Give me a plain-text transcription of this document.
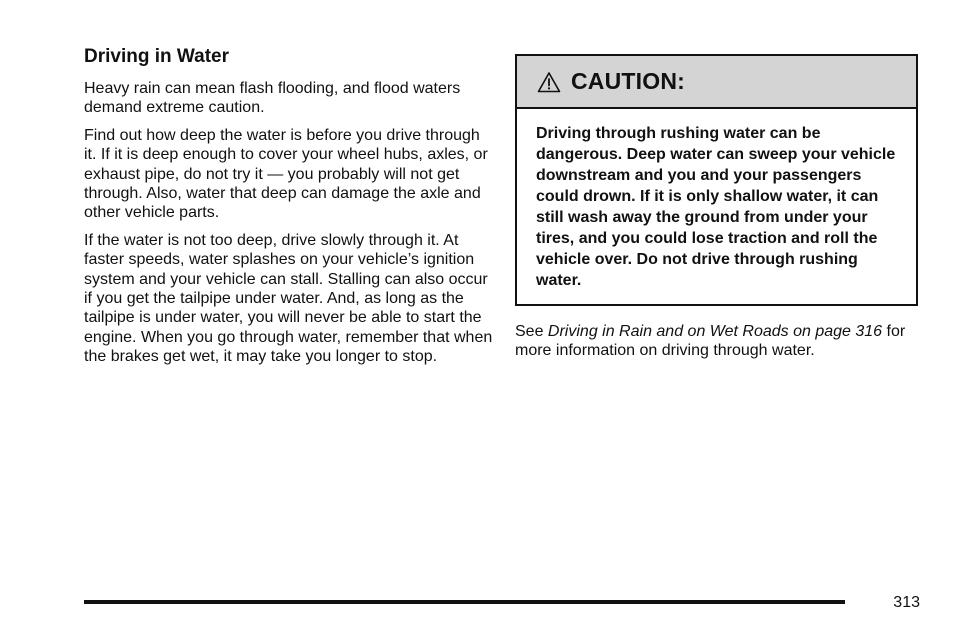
Driving in Water

Heavy rain can mean flash flooding, and flood waters demand extreme caution.

Find out how deep the water is before you drive through it. If it is deep enough to cover your wheel hubs, axles, or exhaust pipe, do not try it — you probably will not get through. Also, water that deep can damage the axle and other vehicle parts.

If the water is not too deep, drive slowly through it. At faster speeds, water splashes on your vehicle’s ignition system and your vehicle can stall. Stalling can also occur if you get the tailpipe under water. And, as long as the tailpipe is under water, you will never be able to start the engine. When you go through water, remember that when the brakes get wet, it may take you longer to stop.

CAUTION:

Driving through rushing water can be dangerous. Deep water can sweep your vehicle downstream and you and your passengers could drown. If it is only shallow water, it can still wash away the ground from under your tires, and you could lose traction and roll the vehicle over. Do not drive through rushing water.

See Driving in Rain and on Wet Roads on page 316 for more information on driving through water.

313
